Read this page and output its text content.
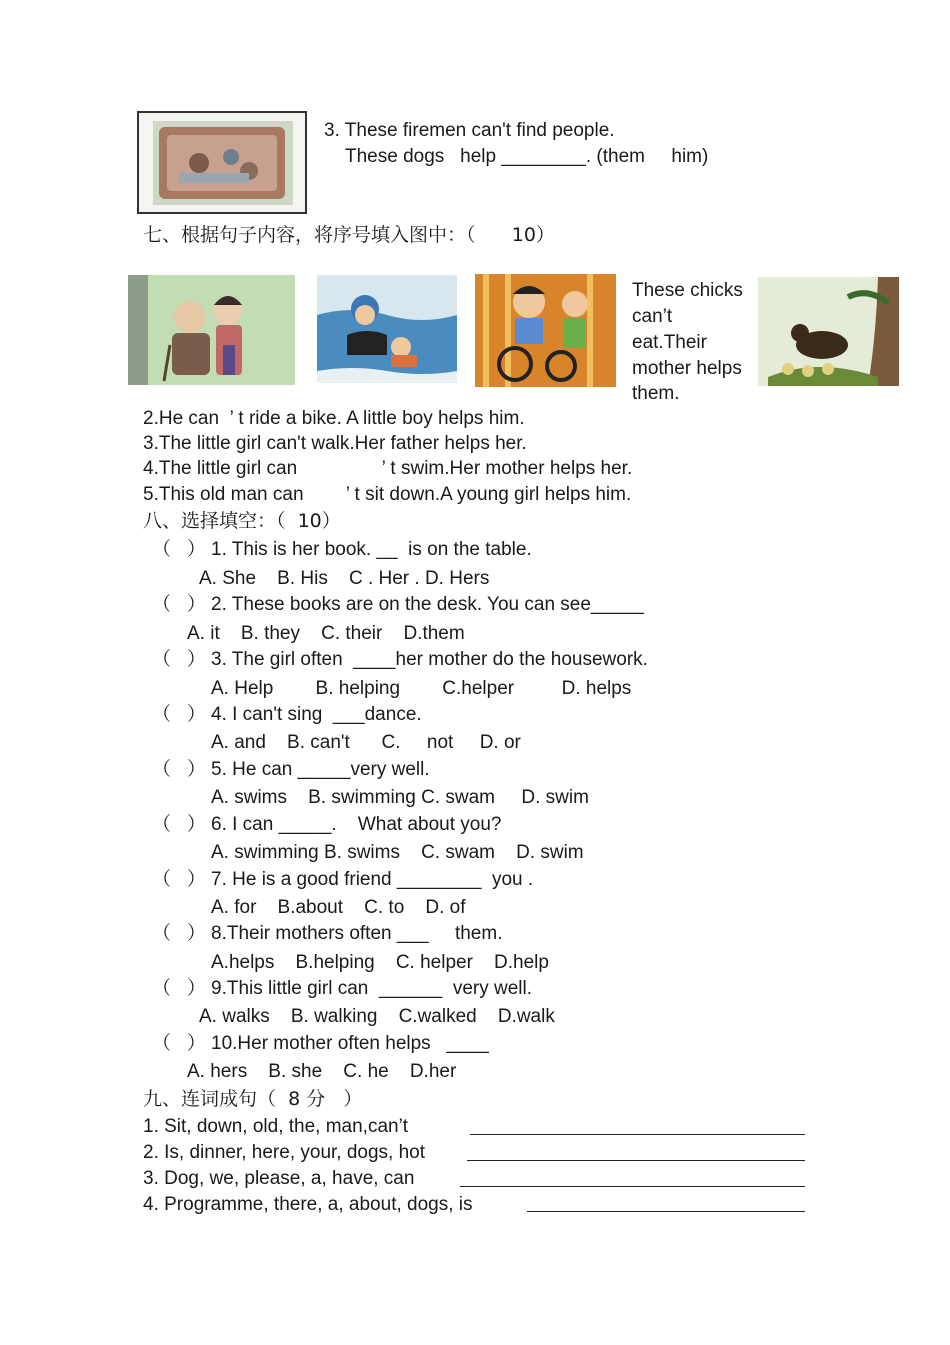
3. These firemen can't find people.
These dogs   help ________. (them     him)
七、根据句子内容，将序号填入图中：（      10）
These chicks
can’t
eat.Their
mother helps
them.
2.He can  ’ t ride a bike. A little boy helps him.
3.The little girl can't walk.Her father helps her.
4.The little girl can                ’ t swim.Her mother helps her.
5.This old man can        ’ t sit down.A young girl helps him.
八、选择填空：（  10）
（   ） 1. This is her book. __  is on the table.
A. She    B. His    C . Her . D. Hers
（   ） 2. These books are on the desk. You can see_____
A. it    B. they    C. their    D.them
（   ） 3. The girl often  ____her mother do the housework.
A. Help        B. helping        C.helper         D. helps
（   ） 4. I can't sing  ___dance.
A. and    B. can't      C.     not     D. or
（   ） 5. He can _____very well.
A. swims    B. swimming C. swam     D. swim
（   ） 6. I can _____.    What about you?
A. swimming B. swims    C. swam    D. swim
（   ） 7. He is a good friend ________  you .
A. for    B.about    C. to    D. of
（   ） 8.Their mothers often ___     them.
A.helps    B.helping    C. helper    D.help
（   ） 9.This little girl can  ______  very well.
A. walks    B. walking    C.walked    D.walk
（   ） 10.Her mother often helps   ____
A. hers    B. she    C. he    D.her
九、连词成句（  8 分   ）
1. Sit, down, old, the, man,can’t
2. Is, dinner, here, your, dogs, hot
3. Dog, we, please, a, have, can
4. Programme, there, a, about, dogs, is
